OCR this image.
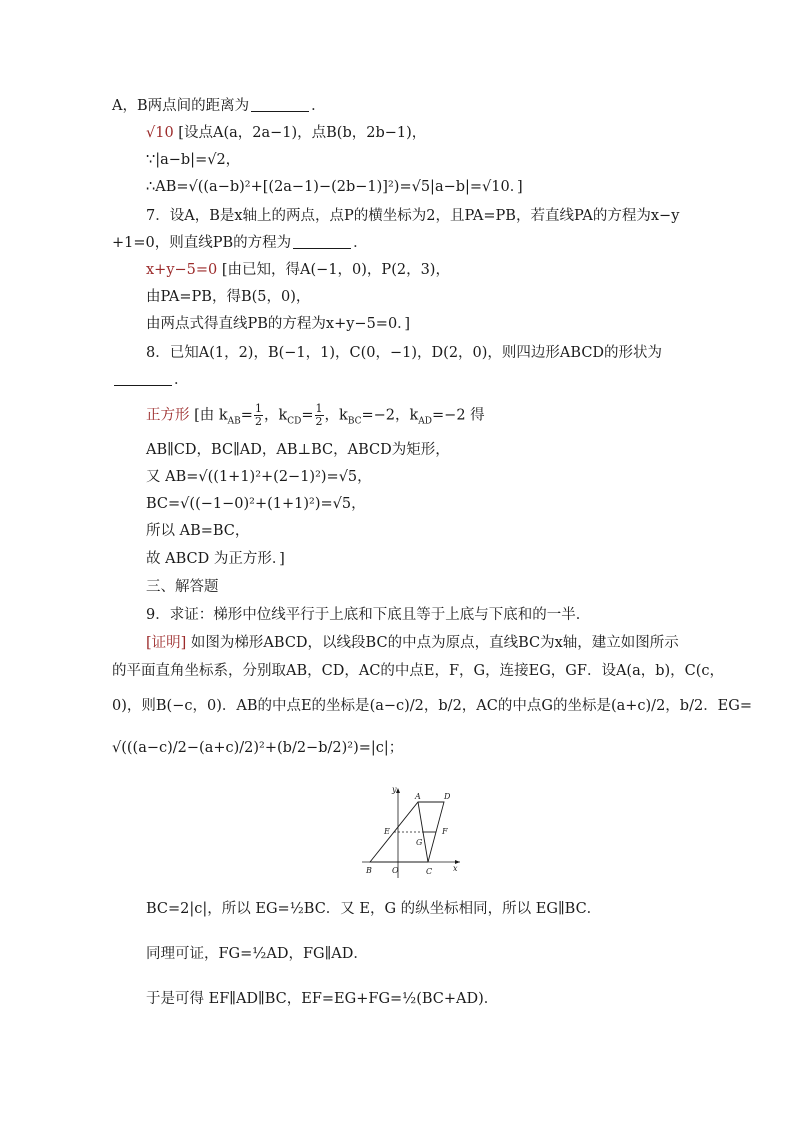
A，B两点间的距离为	．
√10 [设点A(a，2a−1)，点B(b，2b−1)，
∵|a−b|=√2，
∴AB=√((a−b)²+[(2a−1)−(2b−1)]²)=√5|a−b|=√10．]
7．设A，B是x轴上的两点，点P的横坐标为2，且PA=PB，若直线PA的方程为x−y
+1=0，则直线PB的方程为	．
x+y−5=0 [由已知，得A(−1，0)，P(2，3)，
由PA=PB，得B(5，0)，
由两点式得直线PB的方程为x+y−5=0．]
8．已知A(1，2)，B(−1，1)，C(0，−1)，D(2，0)，则四边形ABCD的形状为
．
正方形 [由 $k_{AB}= \frac{1}{2}$ ，$k_{CD}= \frac{1}{2}$ ，$k_{BC}=-2$，$k_{AD}=-2$ 得
AB∥CD，BC∥AD，AB⊥BC，ABCD为矩形，
又 AB=√((1+1)²+(2−1)²)=√5，
BC=√((−1−0)²+(1+1)²)=√5，
所以 AB=BC，
故 ABCD 为正方形．]
三、解答题
9．求证：梯形中位线平行于上底和下底且等于上底与下底和的一半．
[证明] 如图为梯形ABCD，以线段BC的中点为原点，直线BC为x轴，建立如图所示
的平面直角坐标系，分别取AB，CD，AC的中点E，F，G，连接EG，GF．设A(a，b)，C(c，
0)，则B(−c，0)．AB的中点E的坐标是(a−c)/2，b/2，AC的中点G的坐标是(a+c)/2，b/2．EG=
√(((a−c)/2−(a+c)/2)²+(b/2−b/2)²)=|c|；
y
A	D
E	F
G
B	O	C	x
BC=2|c|，所以 EG=½BC．又 E，G 的纵坐标相同，所以 EG∥BC．
同理可证，FG=½AD，FG∥AD．
于是可得 EF∥AD∥BC，EF=EG+FG=½(BC+AD)．
